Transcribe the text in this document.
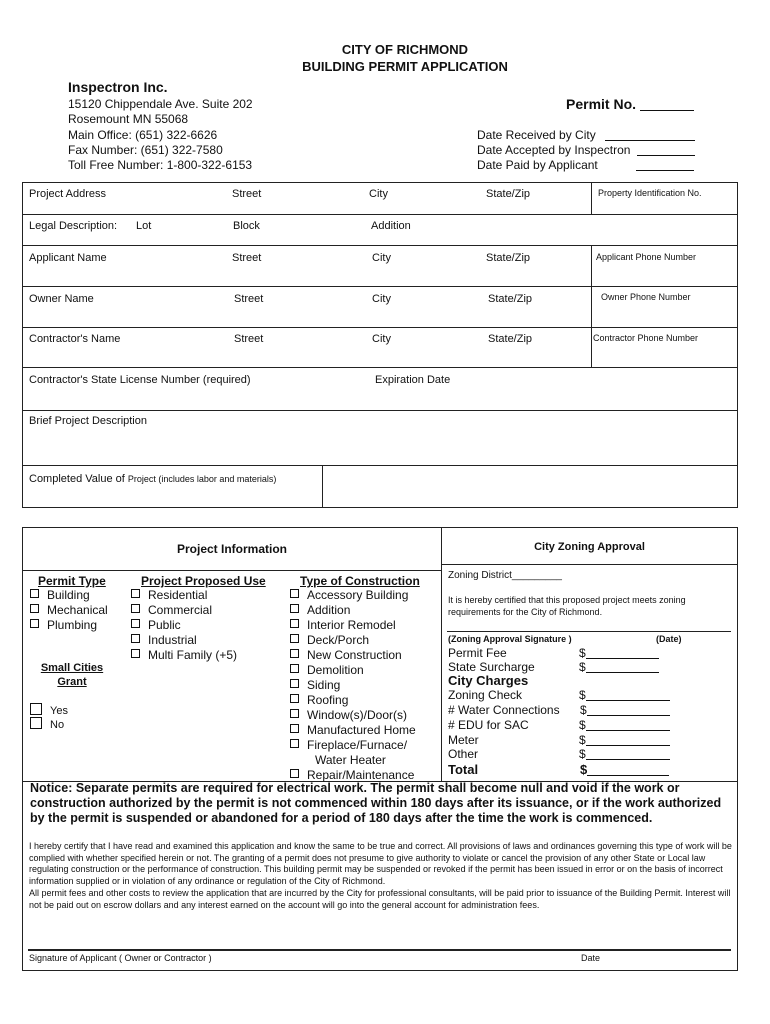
CITY OF RICHMOND
BUILDING PERMIT APPLICATION
Inspectron Inc.
15120 Chippendale Ave. Suite 202
Rosemount MN 55068
Main Office: (651) 322-6626
Fax Number: (651) 322-7580
Toll Free Number: 1-800-322-6153
Permit No.
Date Received by City
Date Accepted by Inspectron
Date Paid by Applicant
Project Address	Street	City	State/Zip	Property Identification No.
Legal Description: Lot	Block	Addition
Applicant Name	Street	City	State/Zip	Applicant Phone Number
Owner Name	Street	City	State/Zip	Owner Phone Number
Contractor's Name	Street	City	State/Zip	Contractor Phone Number
Contractor's State License Number (required)	Expiration Date
Brief Project Description
Completed Value of Project (includes labor and materials)
Project Information
Permit Type
Building
Mechanical
Plumbing
Small Cities
Grant
Yes
No
Project Proposed Use
Residential
Commercial
Public
Industrial
Multi Family (+5)
Type of Construction
Accessory Building
Addition
Interior Remodel
Deck/Porch
New Construction
Demolition
Siding
Roofing
Window(s)/Door(s)
Manufactured Home
Fireplace/Furnace/
Water Heater
Repair/Maintenance
City Zoning Approval
Zoning District_________
It is hereby certified that this proposed project meets zoning requirements for the City of Richmond.
(Zoning Approval Signature )	(Date)
Permit Fee	$
State Surcharge	$
City Charges
Zoning Check	$
# Water Connections $
# EDU for SAC	$
Meter	$
Other	$
Total	$
Notice: Separate permits are required for electrical work. The permit shall become null and void if the work or construction authorized by the permit is not commenced within 180 days after its issuance, or if the work authorized by the permit is suspended or abandoned for a period of 180 days after the time the work is commenced.
I hereby certify that I have read and examined this application and know the same to be true and correct. All provisions of laws and ordinances governing this type of work will be complied with whether specified herein or not. The granting of a permit does not presume to give authority to violate or cancel the provision of any other State or Local law regulating construction or the performance of construction. This building permit may be suspended or revoked if the permit has been issued in error or on the basis of incorrect information supplied or in violation of any ordinance or regulation of the City of Richmond.
All permit fees and other costs to review the application that are incurred by the City for professional consultants, will be paid prior to issuance of the Building Permit. Interest will not be paid out on escrow dollars and any interest earned on the account will go into the general account for administration fees.
Signature of Applicant ( Owner or Contractor )	Date
